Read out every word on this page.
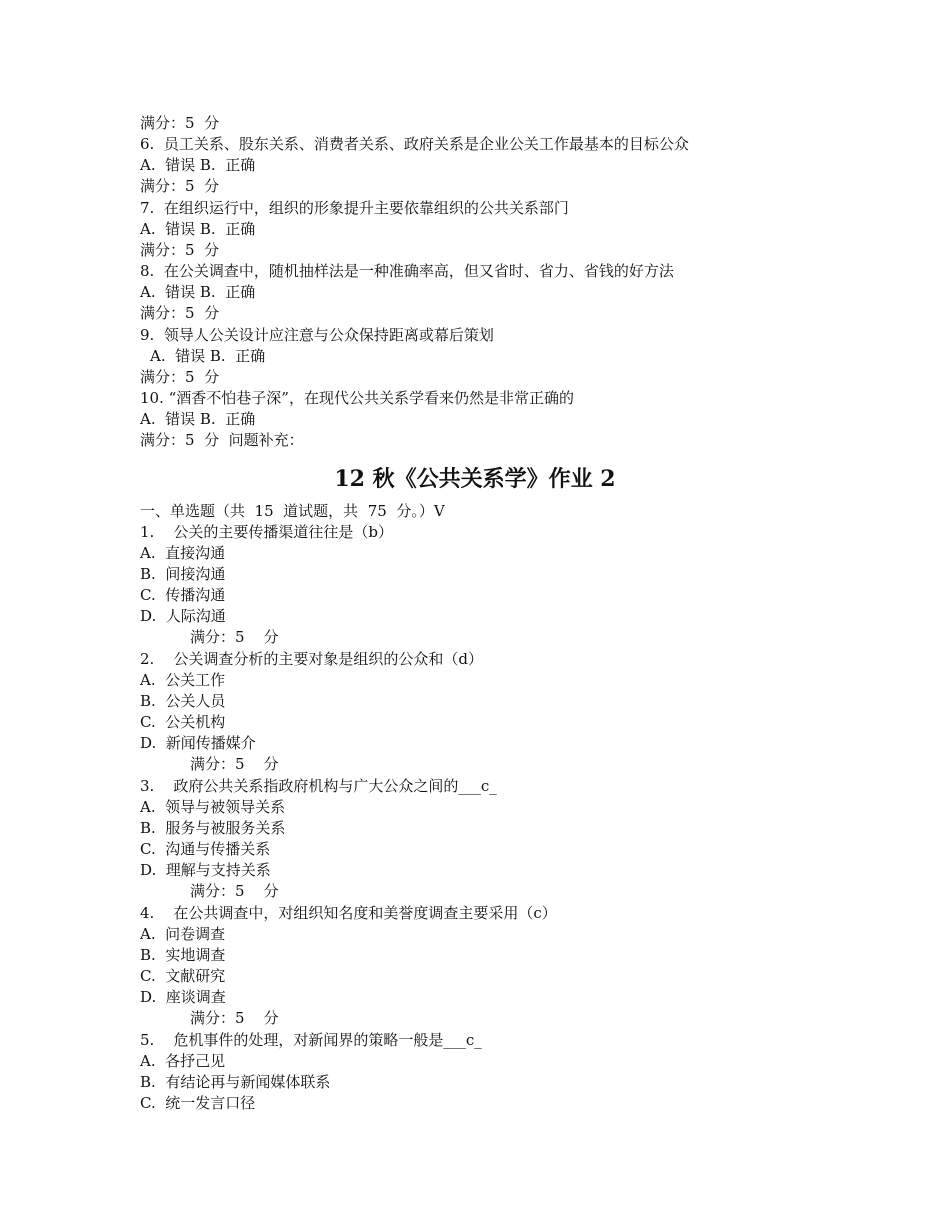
满分：5  分
6.  员工关系、股东关系、消费者关系、政府关系是企业公关工作最基本的目标公众
A.  错误 B.  正确
满分：5  分
7.  在组织运行中，组织的形象提升主要依靠组织的公共关系部门
A.  错误 B.  正确
满分：5  分
8.  在公关调查中，随机抽样法是一种准确率高，但又省时、省力、省钱的好方法
A.  错误 B.  正确
满分：5  分
9.  领导人公关设计应注意与公众保持距离或幕后策划
A.  错误 B.  正确
满分：5  分
10. “酒香不怕巷子深”，在现代公共关系学看来仍然是非常正确的
A.  错误 B.  正确
满分：5  分  问题补充：
12 秋《公共关系学》作业 2
一、单选题（共  15  道试题，共  75  分。）V
1.    公关的主要传播渠道往往是（b）
A.  直接沟通
B.  间接沟通
C.  传播沟通
D.  人际沟通
满分：5    分
2.    公关调查分析的主要对象是组织的公众和（d）
A.  公关工作
B.  公关人员
C.  公关机构
D.  新闻传播媒介
满分：5    分
3.    政府公共关系指政府机构与广大公众之间的___c_
A.  领导与被领导关系
B.  服务与被服务关系
C.  沟通与传播关系
D.  理解与支持关系
满分：5    分
4.    在公共调查中，对组织知名度和美誉度调查主要采用（c）
A.  问卷调查
B.  实地调查
C.  文献研究
D.  座谈调查
满分：5    分
5.    危机事件的处理，对新闻界的策略一般是___c_
A.  各抒己见
B.  有结论再与新闻媒体联系
C.  统一发言口径
